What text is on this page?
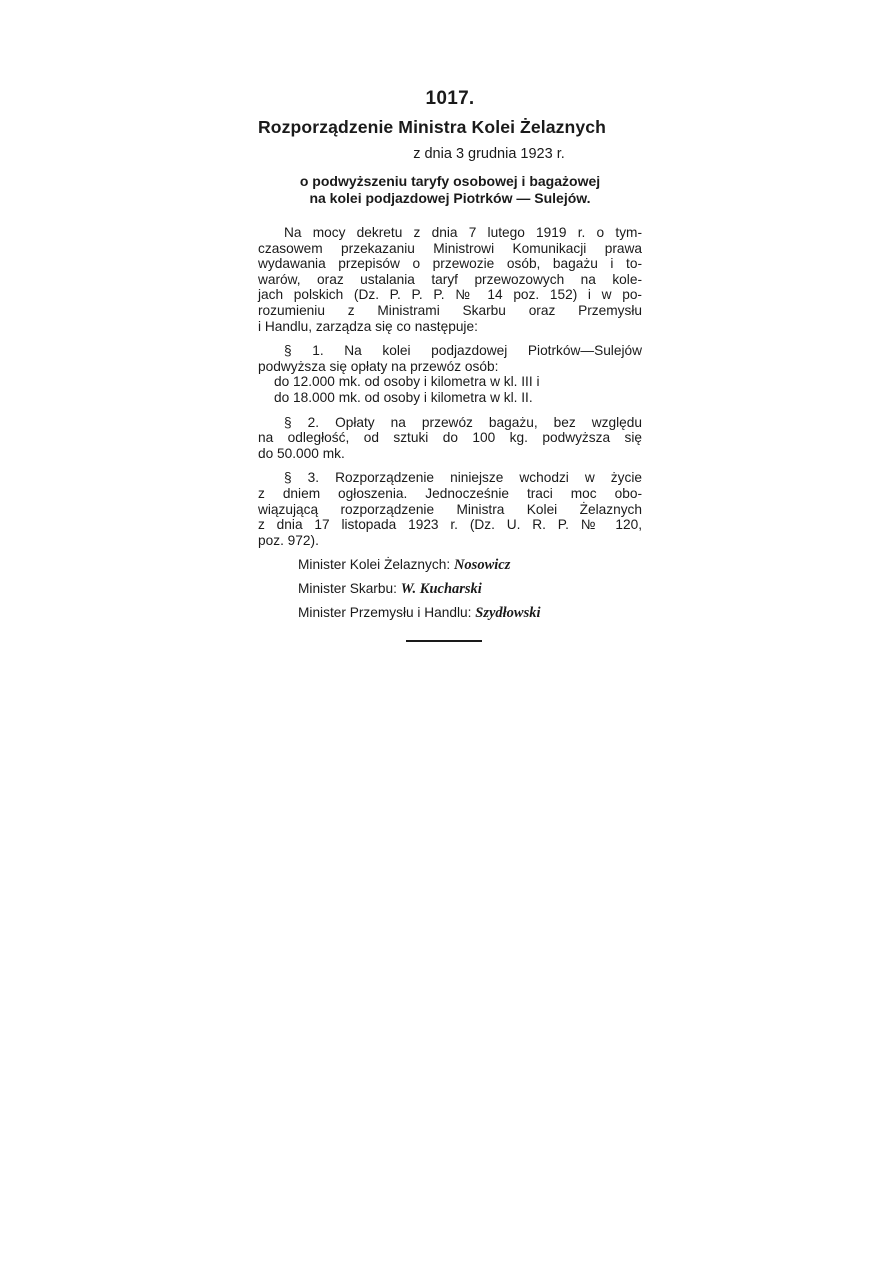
1017.
Rozporządzenie Ministra Kolei Żelaznych
z dnia 3 grudnia 1923 r.
o podwyższeniu taryfy osobowej i bagażowej
na kolei podjazdowej Piotrków — Sulejów.
Na mocy dekretu z dnia 7 lutego 1919 r. o tym-
czasowem przekazaniu Ministrowi Komunikacji prawa
wydawania przepisów o przewozie osób, bagażu i to-
warów, oraz ustalania taryf przewozowych na kole-
jach polskich (Dz. P. P. P. № 14 poz. 152) i w po-
rozumieniu z Ministrami Skarbu oraz Przemysłu
i Handlu, zarządza się co następuje:
§ 1. Na kolei podjazdowej Piotrków—Sulejów
podwyższa się opłaty na przewóz osób:
do 12.000 mk. od osoby i kilometra w kl. III i
do 18.000 mk. od osoby i kilometra w kl. II.
§ 2. Opłaty na przewóz bagażu, bez względu
na odległość, od sztuki do 100 kg. podwyższa się
do 50.000 mk.
§ 3. Rozporządzenie niniejsze wchodzi w życie
z dniem ogłoszenia. Jednocześnie traci moc obo-
wiązującą rozporządzenie Ministra Kolei Żelaznych
z dnia 17 listopada 1923 r. (Dz. U. R. P. № 120,
poz. 972).
Minister Kolei Żelaznych: Nosowicz
Minister Skarbu: W. Kucharski
Minister Przemysłu i Handlu: Szydłowski
